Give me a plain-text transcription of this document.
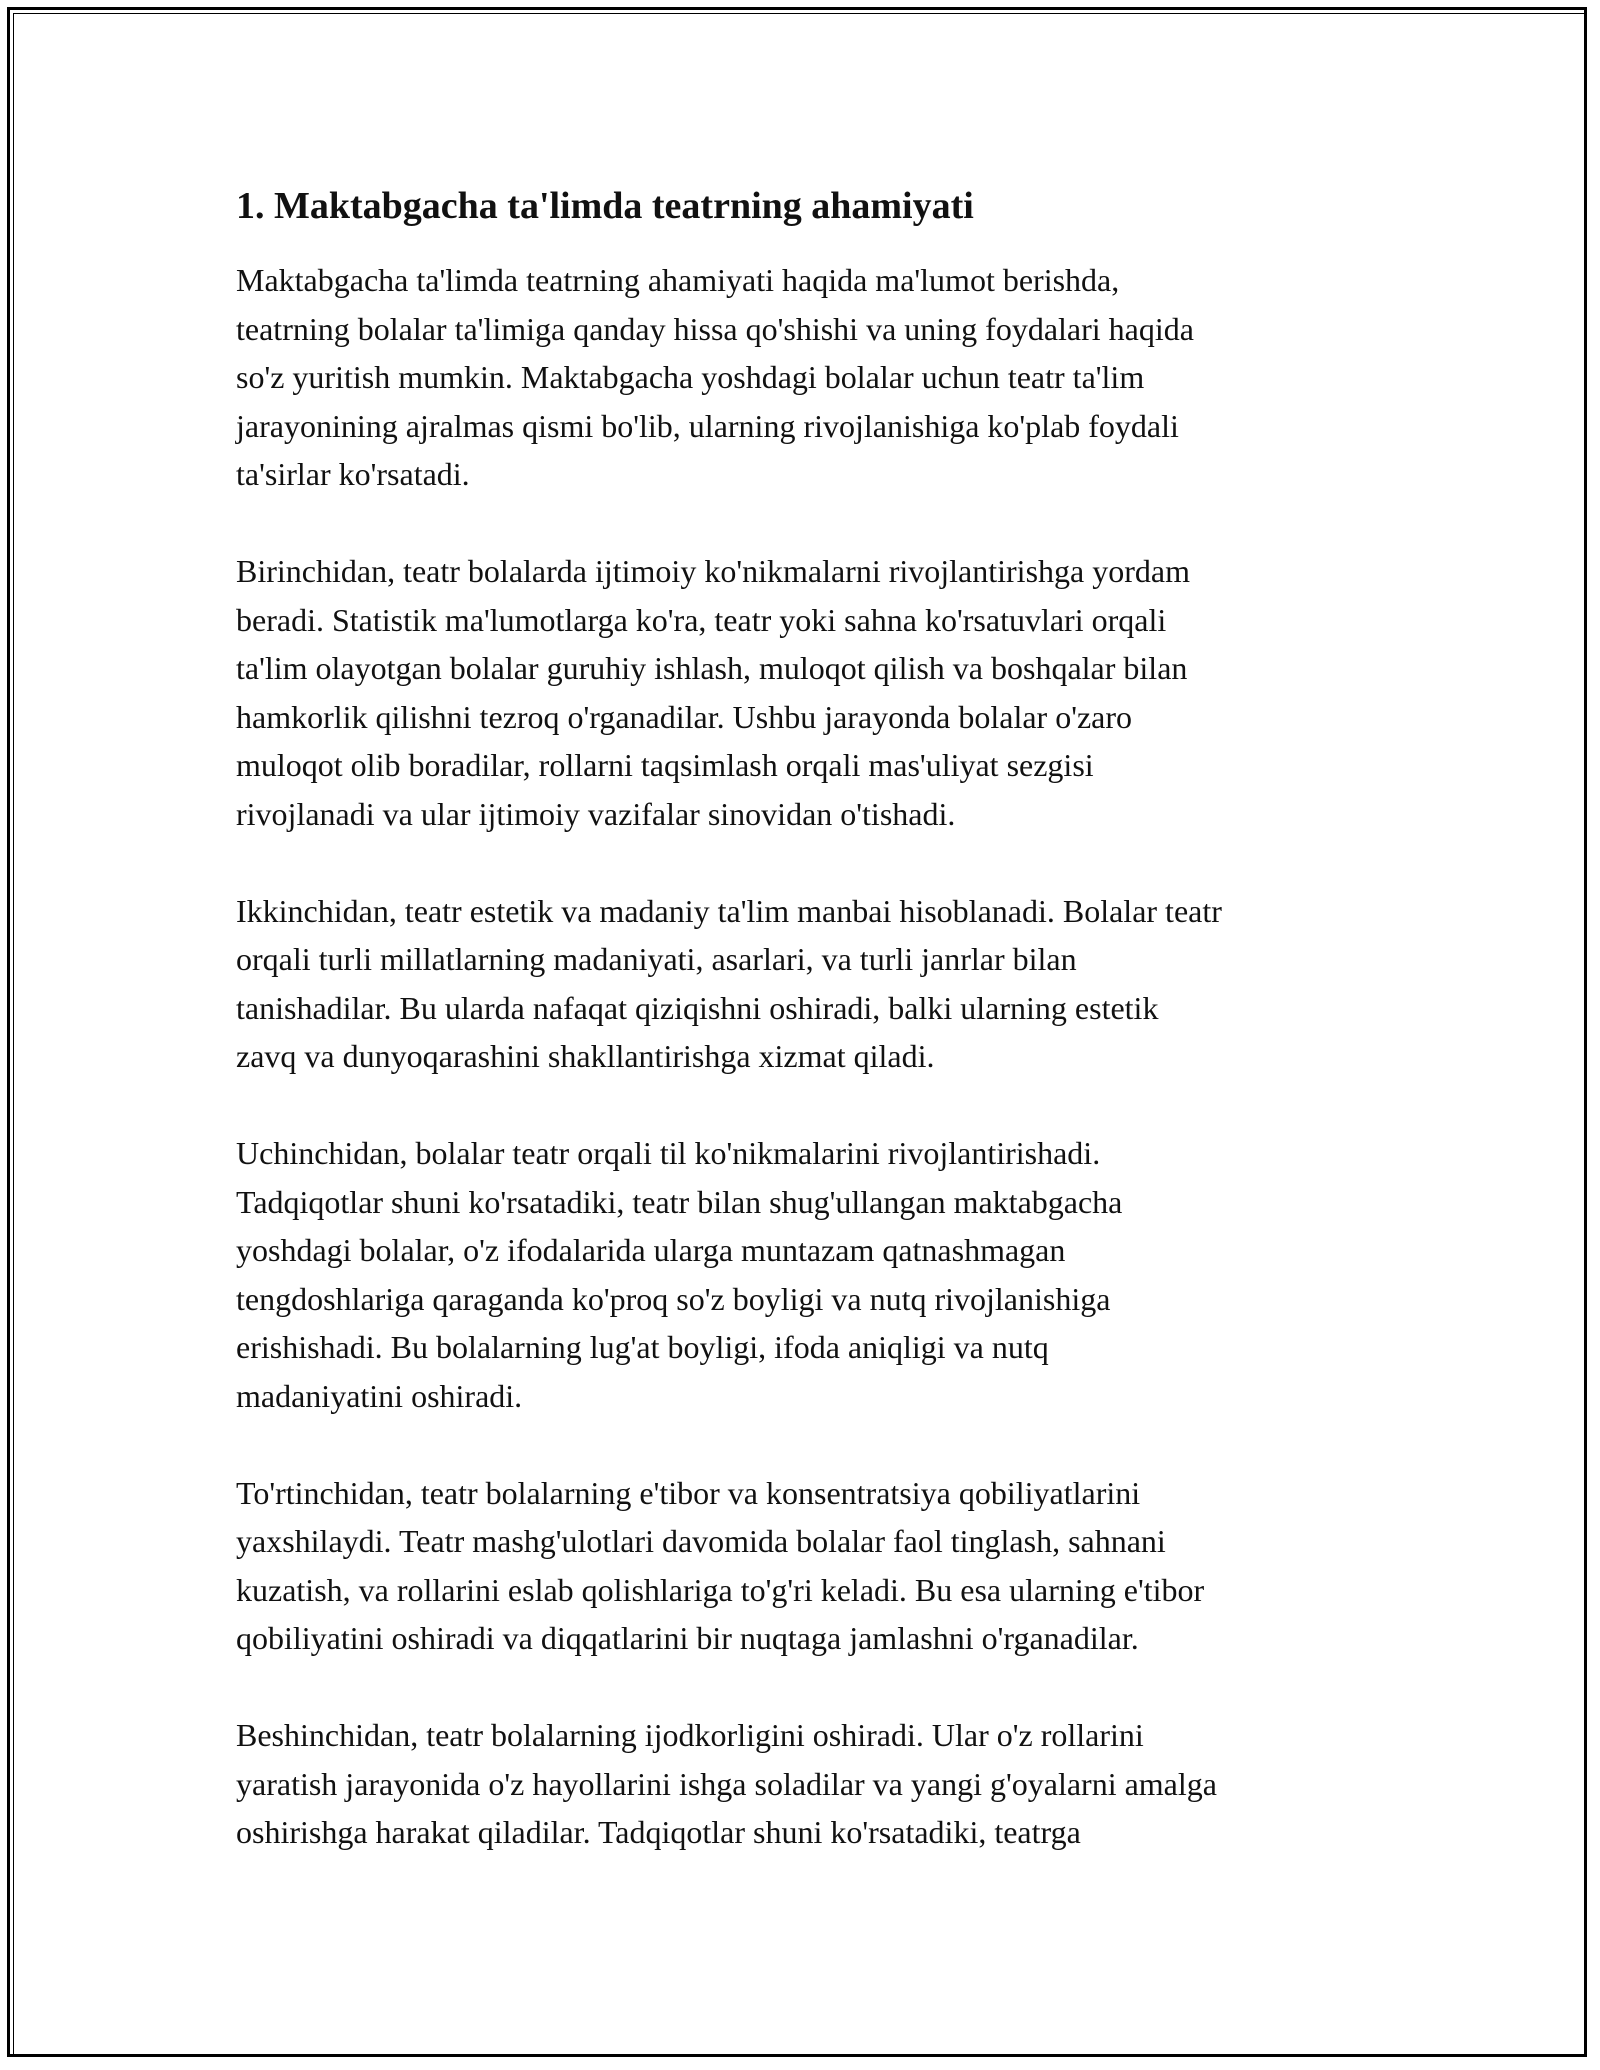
1. Maktabgacha ta'limda teatrning ahamiyati

Maktabgacha ta'limda teatrning ahamiyati haqida ma'lumot berishda,
teatrning bolalar ta'limiga qanday hissa qo'shishi va uning foydalari haqida
so'z yuritish mumkin. Maktabgacha yoshdagi bolalar uchun teatr ta'lim
jarayonining ajralmas qismi bo'lib, ularning rivojlanishiga ko'plab foydali
ta'sirlar ko'rsatadi.

Birinchidan, teatr bolalarda ijtimoiy ko'nikmalarni rivojlantirishga yordam
beradi. Statistik ma'lumotlarga ko'ra, teatr yoki sahna ko'rsatuvlari orqali
ta'lim olayotgan bolalar guruhiy ishlash, muloqot qilish va boshqalar bilan
hamkorlik qilishni tezroq o'rganadilar. Ushbu jarayonda bolalar o'zaro
muloqot olib boradilar, rollarni taqsimlash orqali mas'uliyat sezgisi
rivojlanadi va ular ijtimoiy vazifalar sinovidan o'tishadi.

Ikkinchidan, teatr estetik va madaniy ta'lim manbai hisoblanadi. Bolalar teatr
orqali turli millatlarning madaniyati, asarlari, va turli janrlar bilan
tanishadilar. Bu ularda nafaqat qiziqishni oshiradi, balki ularning estetik
zavq va dunyoqarashini shakllantirishga xizmat qiladi.

Uchinchidan, bolalar teatr orqali til ko'nikmalarini rivojlantirishadi.
Tadqiqotlar shuni ko'rsatadiki, teatr bilan shug'ullangan maktabgacha
yoshdagi bolalar, o'z ifodalarida ularga muntazam qatnashmagan
tengdoshlariga qaraganda ko'proq so'z boyligi va nutq rivojlanishiga
erishishadi. Bu bolalarning lug'at boyligi, ifoda aniqligi va nutq
madaniyatini oshiradi.

To'rtinchidan, teatr bolalarning e'tibor va konsentratsiya qobiliyatlarini
yaxshilaydi. Teatr mashg'ulotlari davomida bolalar faol tinglash, sahnani
kuzatish, va rollarini eslab qolishlariga to'g'ri keladi. Bu esa ularning e'tibor
qobiliyatini oshiradi va diqqatlarini bir nuqtaga jamlashni o'rganadilar.

Beshinchidan, teatr bolalarning ijodkorligini oshiradi. Ular o'z rollarini
yaratish jarayonida o'z hayollarini ishga soladilar va yangi g'oyalarni amalga
oshirishga harakat qiladilar. Tadqiqotlar shuni ko'rsatadiki, teatrga
